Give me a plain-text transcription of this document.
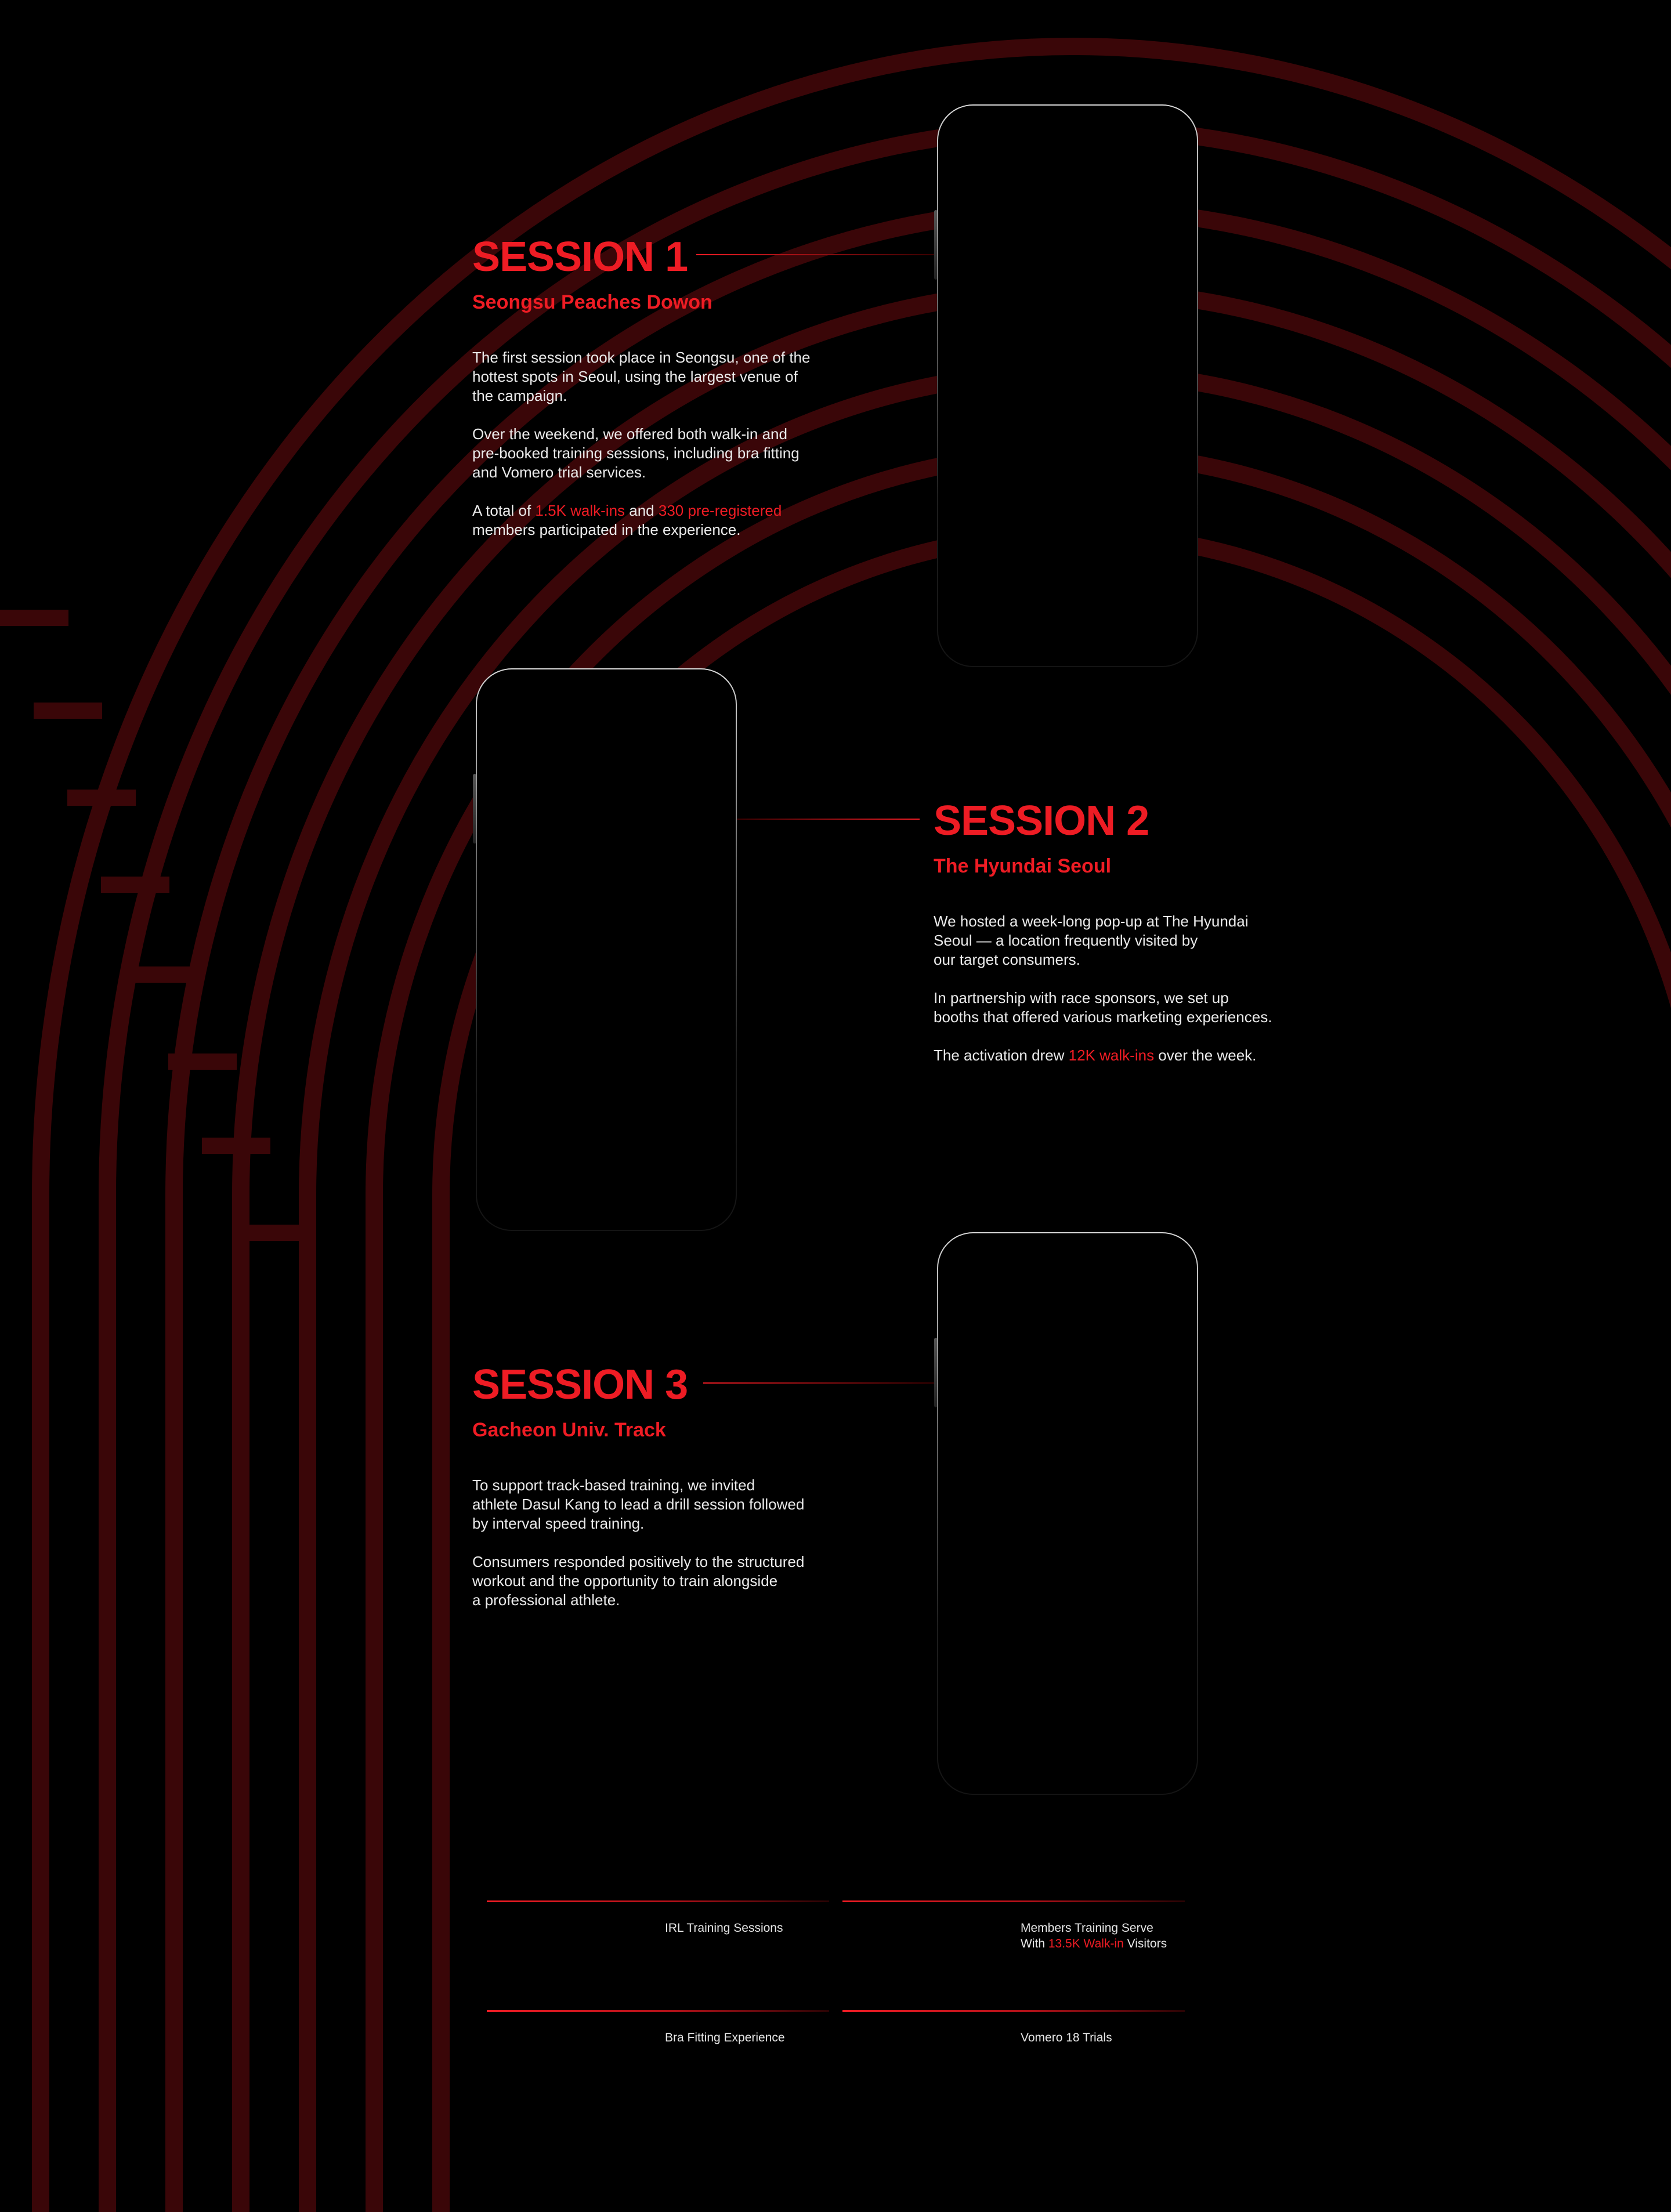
SESSION 1
Seongsu Peaches Dowon

The first session took place in Seongsu, one of the
hottest spots in Seoul, using the largest venue of
the campaign.

Over the weekend, we offered both walk-in and
pre-booked training sessions, including bra fitting
and Vomero trial services.

A total of 1.5K walk-ins and 330 pre-registered
members participated in the experience.

SESSION 2
The Hyundai Seoul

We hosted a week-long pop-up at The Hyundai
Seoul — a location frequently visited by
our target consumers.

In partnership with race sponsors, we set up
booths that offered various marketing experiences.

The activation drew 12K walk-ins over the week.

SESSION 3
Gacheon Univ. Track

To support track-based training, we invited
athlete Dasul Kang to lead a drill session followed
by interval speed training.

Consumers responded positively to the structured
workout and the opportunity to train alongside
a professional athlete.

IRL Training Sessions	Members Training Serve
With 13.5K Walk-in Visitors
Bra Fitting Experience	Vomero 18 Trials
